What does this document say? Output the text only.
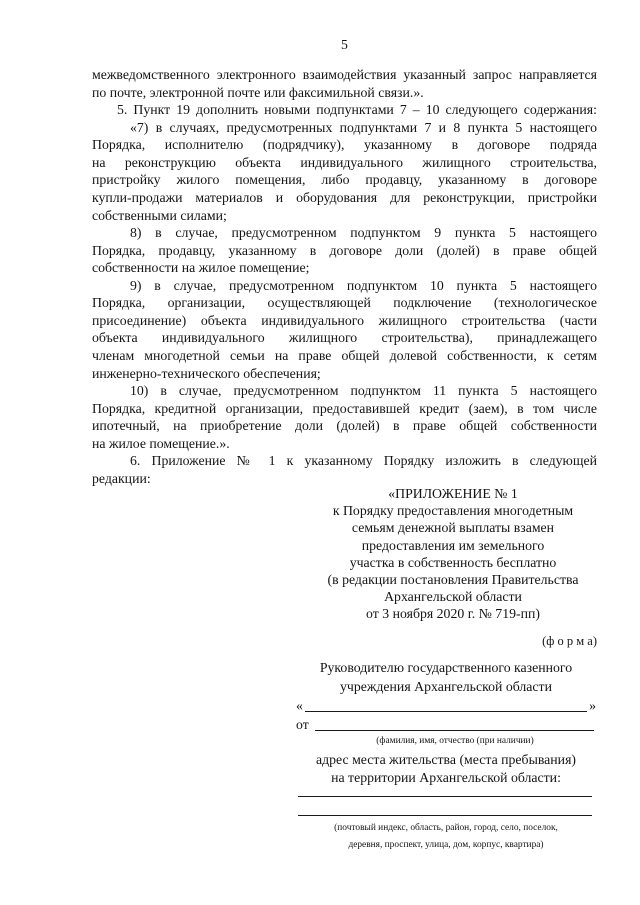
5
межведомственного электронного взаимодействия указанный запрос направляется
по почте, электронной почте или факсимильной связи.».
5. Пункт 19 дополнить новыми подпунктами 7 – 10 следующего содержания:
«7) в случаях, предусмотренных подпунктами 7 и 8 пункта 5 настоящего
Порядка, исполнителю (подрядчику), указанному в договоре подряда
на реконструкцию объекта индивидуального жилищного строительства,
пристройку жилого помещения, либо продавцу, указанному в договоре
купли-продажи материалов и оборудования для реконструкции, пристройки
собственными силами;
8) в случае, предусмотренном подпунктом 9 пункта 5 настоящего
Порядка, продавцу, указанному в договоре доли (долей) в праве общей
собственности на жилое помещение;
9) в случае, предусмотренном подпунктом 10 пункта 5 настоящего
Порядка, организации, осуществляющей подключение (технологическое
присоединение) объекта индивидуального жилищного строительства (части
объекта индивидуального жилищного строительства), принадлежащего
членам многодетной семьи на праве общей долевой собственности, к сетям
инженерно-технического обеспечения;
10) в случае, предусмотренном подпунктом 11 пункта 5 настоящего
Порядка, кредитной организации, предоставившей кредит (заем), в том числе
ипотечный, на приобретение доли (долей) в праве общей собственности
на жилое помещение.».
6. Приложение № 1 к указанному Порядку изложить в следующей
редакции:
«ПРИЛОЖЕНИЕ № 1
к Порядку предоставления многодетным
семьям денежной выплаты взамен
предоставления им земельного
участка в собственность бесплатно
(в редакции постановления Правительства
Архангельской области
от 3 ноября 2020 г. № 719-пп)
(ф о р м а)
Руководителю государственного казенного
учреждения Архангельской области
«	»
от
(фамилия, имя, отчество (при наличии)
адрес места жительства (места пребывания)
на территории Архангельской области:
(почтовый индекс, область, район, город, село, поселок,
деревня, проспект, улица, дом, корпус, квартира)
